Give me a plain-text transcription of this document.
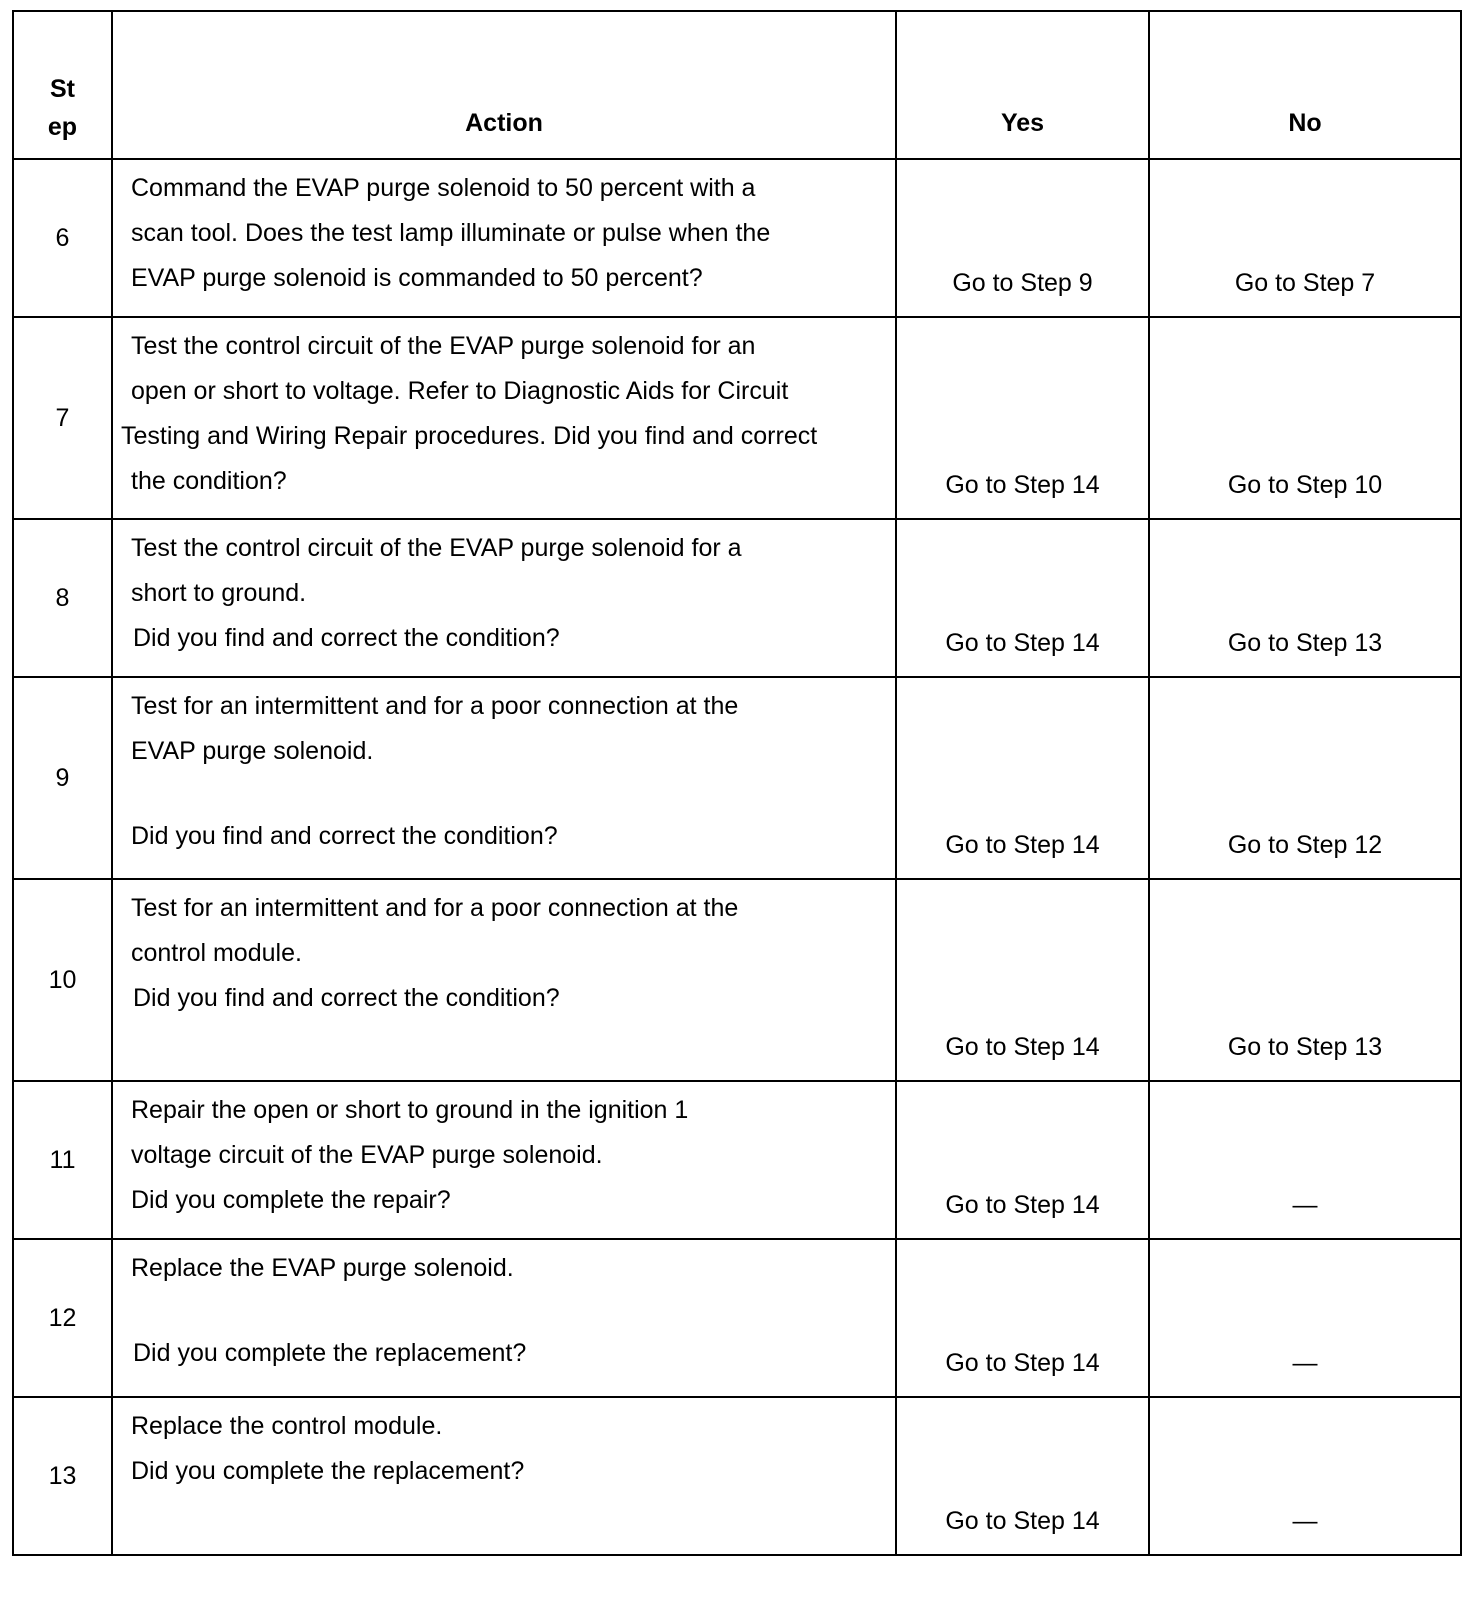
St
ep	Action	Yes	No
6	Command the EVAP purge solenoid to 50 percent with a
scan tool. Does the test lamp illuminate or pulse when the
EVAP purge solenoid is commanded to 50 percent?	Go to Step 9	Go to Step 7
7	Test the control circuit of the EVAP purge solenoid for an
open or short to voltage. Refer to Diagnostic Aids for Circuit
Testing and Wiring Repair procedures. Did you find and correct
the condition?	Go to Step 14	Go to Step 10
8	Test the control circuit of the EVAP purge solenoid for a
short to ground.
Did you find and correct the condition?	Go to Step 14	Go to Step 13
9	Test for an intermittent and for a poor connection at the
EVAP purge solenoid.
Did you find and correct the condition?	Go to Step 14	Go to Step 12
10	Test for an intermittent and for a poor connection at the
control module.
Did you find and correct the condition?	Go to Step 14	Go to Step 13
11	Repair the open or short to ground in the ignition 1
voltage circuit of the EVAP purge solenoid.
Did you complete the repair?	Go to Step 14	—
12	Replace the EVAP purge solenoid.
Did you complete the replacement?	Go to Step 14	—
13	Replace the control module.
Did you complete the replacement?	Go to Step 14	—
